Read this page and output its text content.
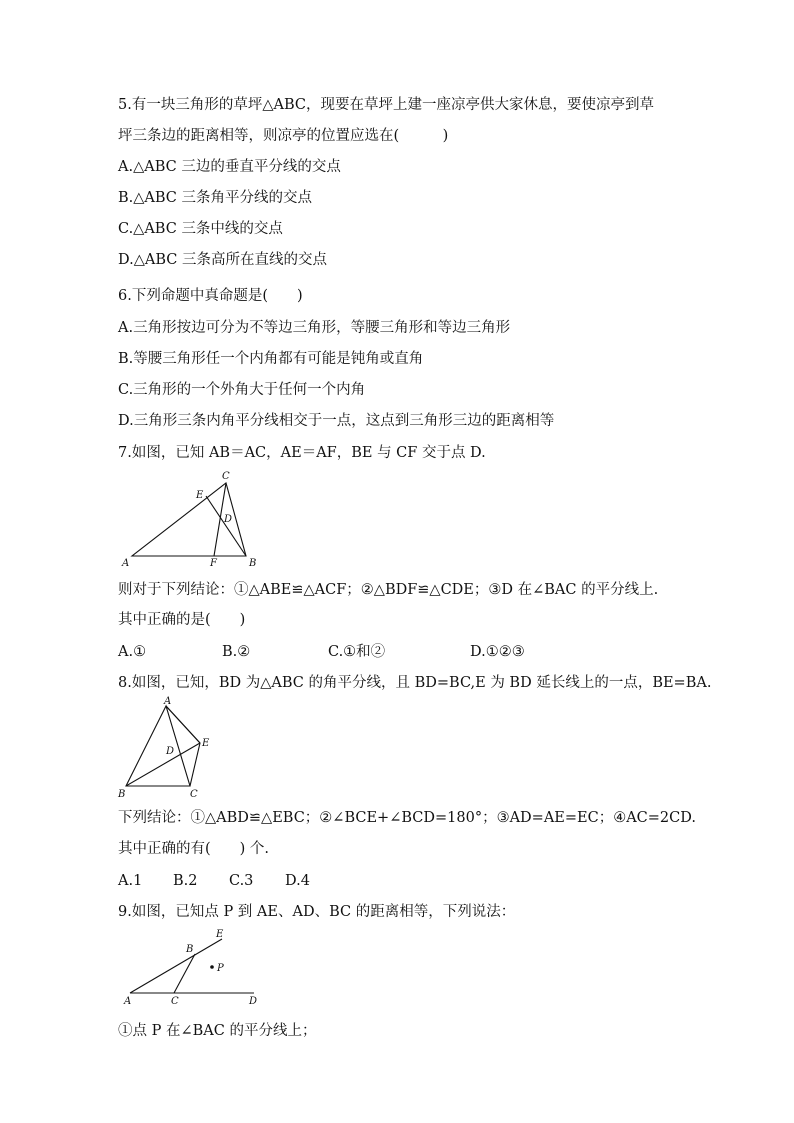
5.有一块三角形的草坪△ABC，现要在草坪上建一座凉亭供大家休息，要使凉亭到草
坪三条边的距离相等，则凉亭的位置应选在(　　　)
A.△ABC 三边的垂直平分线的交点
B.△ABC 三条角平分线的交点
C.△ABC 三条中线的交点
D.△ABC 三条高所在直线的交点
6.下列命题中真命题是(　　)
A.三角形按边可分为不等边三角形，等腰三角形和等边三角形
B.等腰三角形任一个内角都有可能是钝角或直角
C.三角形的一个外角大于任何一个内角
D.三角形三条内角平分线相交于一点，这点到三角形三边的距离相等
7.如图，已知 AB＝AC，AE＝AF，BE 与 CF 交于点 D.
A	B
C
E
D
F
则对于下列结论：①△ABE≌△ACF；②△BDF≌△CDE；③D 在∠BAC 的平分线上.
其中正确的是(　　)
A.①	B.②	C.①和②	D.①②③
8.如图，已知，BD 为△ABC 的角平分线，且 BD=BC,E 为 BD 延长线上的一点，BE=BA.
A
B	C
D
E
下列结论：①△ABD≌△EBC；②∠BCE+∠BCD=180°；③AD=AE=EC；④AC=2CD.
其中正确的有(　　) 个.
A.1 B.2 C.3 D.4
9.如图，已知点 P 到 AE、AD、BC 的距离相等，下列说法：
A
B
C	D
E
P
①点 P 在∠BAC 的平分线上；
